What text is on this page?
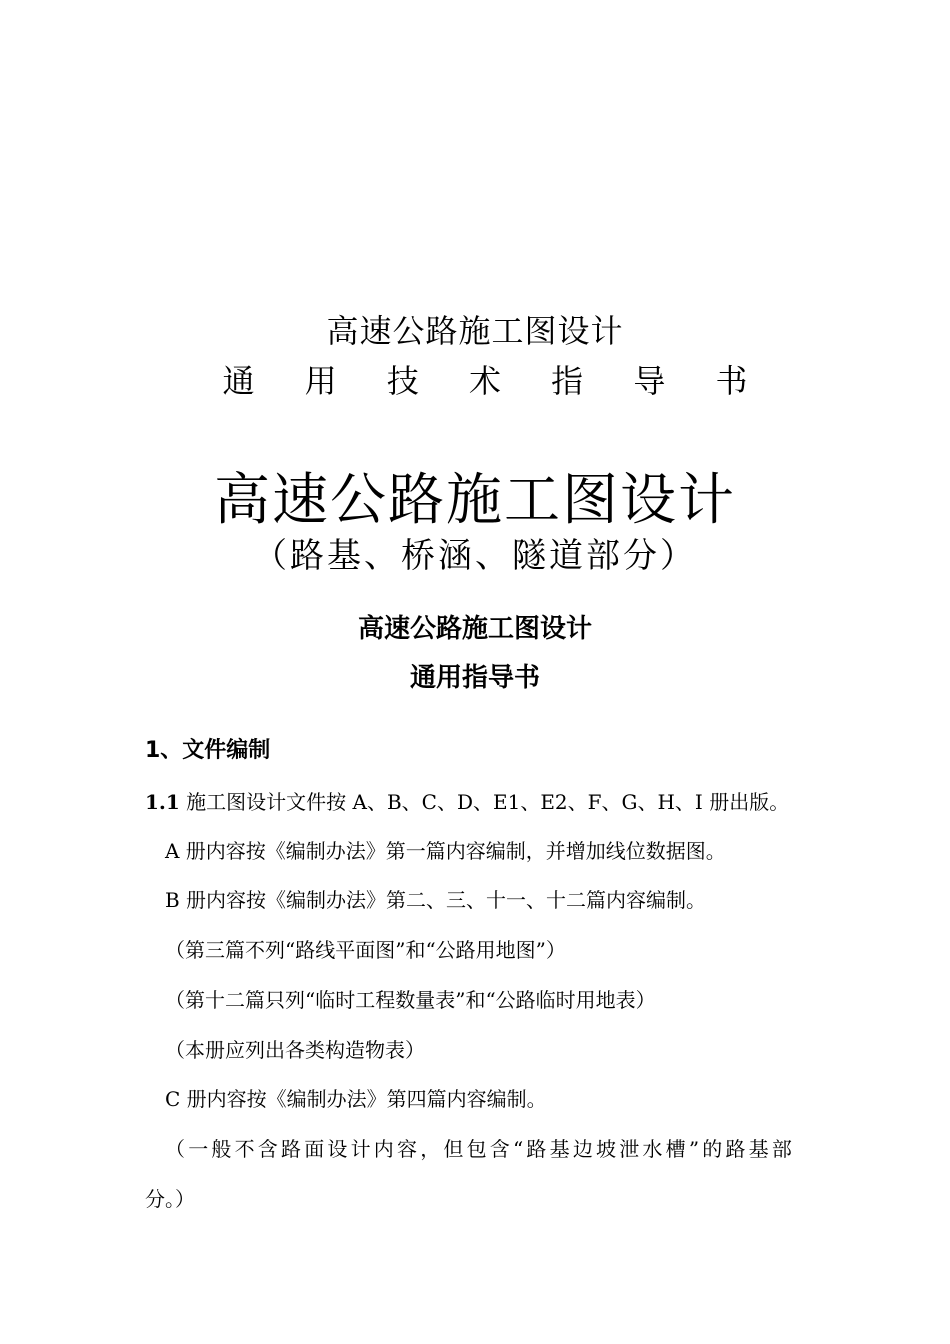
高速公路施工图设计
通 用 技 术 指 导 书
高速公路施工图设计
（路基、桥涵、隧道部分）
高速公路施工图设计
通用指导书
1、文件编制
1.1 施工图设计文件按 A、B、C、D、E1、E2、F、G、H、I 册出版。
A 册内容按《编制办法》第一篇内容编制，并增加线位数据图。
B 册内容按《编制办法》第二、三、十一、十二篇内容编制。
（第三篇不列“路线平面图”和“公路用地图”）
（第十二篇只列“临时工程数量表”和“公路临时用地表）
（本册应列出各类构造物表）
C 册内容按《编制办法》第四篇内容编制。
（一般不含路面设计内容，但包含“路基边坡泄水槽”的路基部
分。）
